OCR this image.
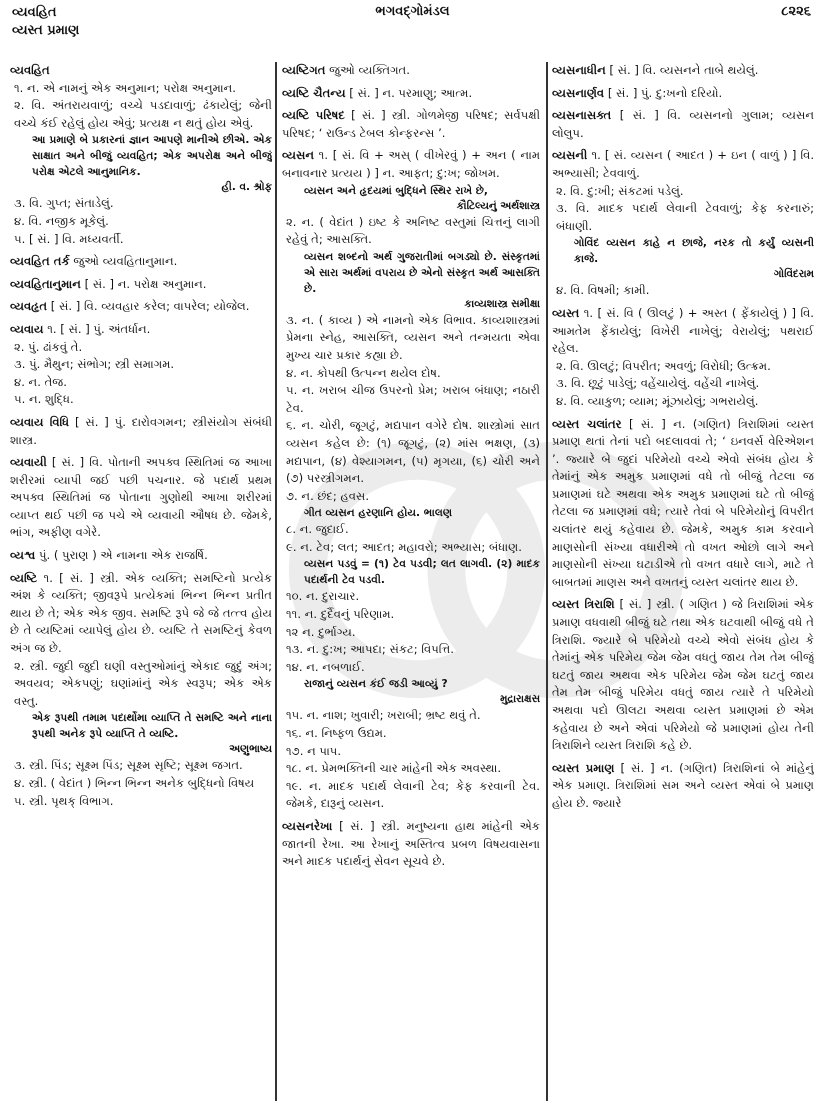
વ્યવહિત
વ્યસ્ત પ્રમાણ
ભગવદ્ગોમંડલ	૮૨૨૬
વ્યવહિત
૧. ન. એ નામનું એક અનુમાન; પરોક્ષ અનુમાન.
૨. વિ. અંતરાયવાળું; વચ્ચે પડદાવાળું; ઢંકાયેલું; જેની વચ્ચે કંઈ રહેલું હોય એવું; પ્રત્યક્ષ ન થતું હોય એવું.
આ પ્રમાણે બે પ્રકારનાં જ્ઞાન આપણે માનીએ છીએ. એક સાક્ષાત અને બીજું વ્યવહિત; એક અપરોક્ષ અને બીજું પરોક્ષ એટલે આનુમાનિક.
હી. વ. શ્રોફ
૩. વિ. ગુપ્ત; સંતાડેલું.
૪. વિ. નજીક મૂકેલું.
૫. [ સં. ] વિ. મધ્યવર્તી.
વ્યવહિત તર્ક જુઓ વ્યવહિતાનુમાન.
વ્યવહિતાનુમાન [ સં. ] ન. પરોક્ષ અનુમાન.
વ્યવહૃત [ સં. ] વિ. વ્યવહાર કરેલ; વાપરેલ; યોજેલ.
વ્યવાય ૧. [ સં. ] પું. અંતર્ધાન.
૨. પું. ઢાંકવું તે.
૩. પું. મૈથુન; સંભોગ; સ્ત્રી સમાગમ.
૪. ન. તેજ.
૫. ન. શુદ્ધિ.
વ્યવાય વિધિ [ સં. ] પું. દારોવગમન; સ્ત્રીસંયોગ સંબંધી શાસ્ત્ર.
વ્યવાયી [ સં. ] વિ. પોતાની અપક્વ સ્થિતિમાં જ આખા શરીરમાં વ્યાપી જઈ પછી પચનાર. જે પદાર્થ પ્રથમ અપક્વ સ્થિતિમાં જ પોતાના ગુણોથી આખા શરીરમાં વ્યાપ્ત થઈ પછી જ પચે એ વ્યવાયી ઔષધ છે. જેમકે, ભાંગ, અફીણ વગેરે.
વ્યશ્વ પું. ( પુરાણ ) એ નામના એક રાજર્ષિ.
વ્યષ્ટિ ૧. [ સં. ] સ્ત્રી. એક વ્યક્તિ; સમષ્ટિનો પ્રત્યેક અંશ કે વ્યક્તિ; જીવરૂપે પ્રત્યેકમાં ભિન્ન ભિન્ન પ્રતીત થાય છે તે; એક એક જીવ. સમષ્ટિ રૂપે જે જે તત્ત્વ હોય છે તે વ્યષ્ટિમાં વ્યાપેલું હોય છે. વ્યષ્ટિ તે સમષ્ટિનું કેવળ અંગ જ છે.
૨. સ્ત્રી. જુદી જુદી ઘણી વસ્તુઓમાંનું એકાદ જુદું અંગ; અવયવ; એકપણું; ઘણાંમાંનું એક સ્વરૂપ; એક એક વસ્તુ.
એક રૂપથી તમામ પદાર્થોમા વ્યાપ્તિ તે સમષ્ટિ અને નાના રૂપથી અનેક રૂપે વ્યાપ્તિ તે વ્યષ્ટિ.
અણુભાષ્ય
૩. સ્ત્રી. પિંડ; સૂક્ષ્મ પિંડ; સૂક્ષ્મ સૃષ્ટિ; સૂક્ષ્મ જગત.
૪. સ્ત્રી. ( વેદાંત ) ભિન્ન ભિન્ન અનેક બુદ્ધિનો વિષય
૫. સ્ત્રી. પૃથક્ વિભાગ.
વ્યષ્ટિગત જુઓ વ્યક્તિગત.
વ્યષ્ટિ ચૈતન્ય [ સં. ] ન. પરમાણુ; આત્મ.
વ્યષ્ટિ પરિષદ [ સં. ] સ્ત્રી. ગોળમેજી પરિષદ; સર્વપક્ષી પરિષદ; ‘ રાઉન્ડ ટેબલ કોન્ફરન્સ ’.
વ્યસન ૧. [ સં. વિ + અસ્ ( વીખેરવું ) + અન ( નામ બનાવનાર પ્રત્યય ) ] ન. આફત; દુ:ખ; જોખમ.
વ્યસન અને હૃદયમાં બુદ્ધિને સ્થિર રાખે છે,
કૌટિલ્યનું અર્થશાસ્ત્ર
૨. ન. ( વેદાંત ) ઇષ્ટ કે અનિષ્ટ વસ્તુમાં ચિત્તનું લાગી રહેવું તે; આસક્તિ.
વ્યસન શબ્દનો અર્થ ગુજરાતીમાં બગડ્યો છે. સંસ્કૃતમાં એ સારા અર્થમાં વપરાય છે એનો સંસ્કૃત અર્થ આસક્તિ છે.
કાવ્યશાસ્ત્ર સમીક્ષા
૩. ન. ( કાવ્ય ) એ નામનો એક વિભાવ. કાવ્યશાસ્ત્રમાં પ્રેમના સ્નેહ, આસક્તિ, વ્યસન અને તન્મયતા એવા મુખ્ય ચાર પ્રકાર કહ્યા છે.
૪. ન. કોપથી ઉત્પન્ન થયેલ દોષ.
૫. ન. ખરાબ ચીજ ઉપરનો પ્રેમ; ખરાબ બંધાણ; નઠારી ટેવ.
૬. ન. ચોરી, જૂગટું, મદ્યપાન વગેરે દોષ. શાસ્ત્રોમાં સાત વ્યસન કહેલ છે: (૧) જૂગટું, (૨) માંસ ભક્ષણ, (૩) મદ્યપાન, (૪) વેશ્યાગમન, (૫) મૃગયા, (૬) ચોરી અને (૭) પરસ્ત્રીગમન.
૭. ન. છંદ; હવસ.
ગીત વ્યસન હરણાનિ હોય. ભાલણ
૮. ન. જુદાઈ.
૯. ન. ટેવ; લત; આદત; મહાવરો; અભ્યાસ; બંધાણ.
વ્યસન પડવું = (૧) ટેવ પડવી; લત લાગવી. (૨) માદક પદાર્થની ટેવ પડવી.
૧૦. ન. દુરાચાર.
૧૧. ન. દુર્દૈવનું પરિણામ.
૧૨ ન. દુર્ભાગ્ય.
૧૩. ન. દુ:ખ; આપદા; સંકટ; વિપત્તિ.
૧૪. ન. નબળાઈ.
રાજાનું વ્યસન કંઈ જડી આવ્યું ?
મુદ્રારાક્ષસ
૧૫. ન. નાશ; ખુવારી; ખરાબી; ભ્રષ્ટ થવું તે.
૧૬. ન. નિષ્ફળ ઉદ્યમ.
૧૭. ન પાપ.
૧૮. ન. પ્રેમભક્તિની ચાર માંહેની એક અવસ્થા.
૧૯. ન. માદક પદાર્થ લેવાની ટેવ; કેફ કરવાની ટેવ. જેમકે, દારૂનું વ્યસન.
વ્યસનરેખા [ સં. ] સ્ત્રી. મનુષ્યના હાથ માંહેની એક જાતની રેખા. આ રેખાનું અસ્તિત્વ પ્રબળ વિષયવાસના અને માદક પદાર્થનું સેવન સૂચવે છે.
વ્યસનાધીન [ સં. ] વિ. વ્યસનને તાબે થયેલું.
વ્યસનાર્ણવ [ સં. ] પું. દુ:ખનો દરિયો.
વ્યસનાસક્ત [ સં. ] વિ. વ્યસનનો ગુલામ; વ્યસન લોલુપ.
વ્યસની ૧. [ સં. વ્યસન ( આદત ) + ઇન ( વાળું ) ] વિ. અભ્યાસી; ટેવવાળું.
૨. વિ. દુ:ખી; સંકટમાં પડેલું.
૩. વિ. માદક પદાર્થ લેવાની ટેવવાળું; કેફ કરનારું; બંધાણી.
ગોવિંદ વ્યસન કાહે ન છાજે, નરક તો કર્યું વ્યસની કાજે.
ગોવિંદરામ
૪. વિ. વિષમી; કામી.
વ્યસ્ત ૧. [ સં. વિ ( ઊલટું ) + અસ્ત ( ફેંકાયેલું ) ] વિ. આમતેમ ફેંકાયેલું; વિખેરી નાખેલું; વેરાયેલું; પથરાઈ રહેલ.
૨. વિ. ઊલટું; વિપરીત; અવળું; વિરોધી; ઉત્ક્રમ.
૩. વિ. છૂટું પાડેલું; વહેંચાયેલું. વહેંચી નાખેલું.
૪. વિ. વ્યાકુળ; વ્યામ; મૂંઝાયેલું; ગભરાયેલું.
વ્યસ્ત ચલાંતર [ સં. ] ન. (ગણિત) ત્રિરાશિમાં વ્યસ્ત પ્રમાણ થતાં તેનાં પદો બદલાવવાં તે; ‘ ઇનવર્સ વેરિએશન ’. જ્યારે બે જુદાં પરિમેયો વચ્ચે એવો સંબંધ હોય કે તેમાંનું એક અમુક પ્રમાણમાં વધે તો બીજું તેટલા જ પ્રમાણમાં ઘટે અથવા એક અમુક પ્રમાણમાં ઘટે તો બીજું તેટલા જ પ્રમાણમાં વધે; ત્યારે તેવાં બે પરિમેયોનું વિપરીત ચલાંતર થયું કહેવાય છે. જેમકે, અમુક કામ કરવાને માણસોની સંખ્યા વધારીએ તો વખત ઓછો લાગે અને માણસોની સંખ્યા ઘટાડીએ તો વખત વધારે લાગે, માટે તે બાબતમાં માણસ અને વખતનું વ્યસ્ત ચલાંતર થાય છે.
વ્યસ્ત ત્રિરાશિ [ સં. ] સ્ત્રી. ( ગણિત ) જે ત્રિરાશિમાં એક પ્રમાણ વધવાથી બીજું ઘટે તથા એક ઘટવાથી બીજું વધે તે ત્રિરાશિ. જ્યારે બે પરિમેયો વચ્ચે એવો સંબંધ હોય કે તેમાંનું એક પરિમેય જેમ જેમ વધતું જાય તેમ તેમ બીજું ઘટતું જાય અથવા એક પરિમેય જેમ જેમ ઘટતું જાય તેમ તેમ બીજું પરિમેય વધતું જાય ત્યારે તે પરિમેયો અથવા પદો ઊલટા અથવા વ્યસ્ત પ્રમાણમાં છે એમ કહેવાય છે અને એવાં પરિમેયો જે પ્રમાણમાં હોય તેની ત્રિરાશિને વ્યસ્ત ત્રિરાશિ કહે છે.
વ્યસ્ત પ્રમાણ [ સં. ] ન. (ગણિત) ત્રિરાશિનાં બે માંહેનું એક પ્રમાણ. ત્રિરાશિમાં સમ અને વ્યસ્ત એવાં બે પ્રમાણ હોય છે. જ્યારે
